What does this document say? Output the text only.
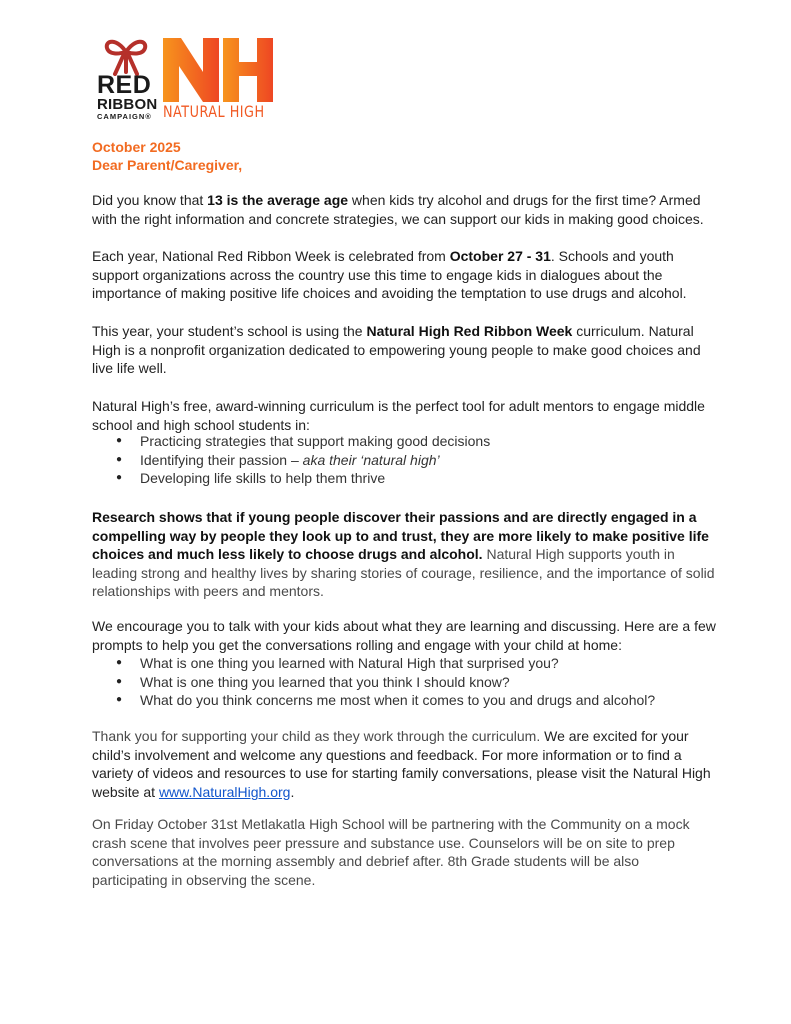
RED
RIBBON
CAMPAIGN® NATURAL HIGH
October 2025
Dear Parent/Caregiver,

Did you know that 13 is the average age when kids try alcohol and drugs for the first time? Armed with the right information and concrete strategies, we can support our kids in making good choices.

Each year, National Red Ribbon Week is celebrated from October 27 - 31. Schools and youth support organizations across the country use this time to engage kids in dialogues about the importance of making positive life choices and avoiding the temptation to use drugs and alcohol.

This year, your student’s school is using the Natural High Red Ribbon Week curriculum. Natural High is a nonprofit organization dedicated to empowering young people to make good choices and live life well.

Natural High’s free, award-winning curriculum is the perfect tool for adult mentors to engage middle school and high school students in:

● Practicing strategies that support making good decisions
● Identifying their passion – aka their ‘natural high’
● Developing life skills to help them thrive

Research shows that if young people discover their passions and are directly engaged in a compelling way by people they look up to and trust, they are more likely to make positive life choices and much less likely to choose drugs and alcohol. Natural High supports youth in leading strong and healthy lives by sharing stories of courage, resilience, and the importance of solid relationships with peers and mentors.

We encourage you to talk with your kids about what they are learning and discussing. Here are a few prompts to help you get the conversations rolling and engage with your child at home:

● What is one thing you learned with Natural High that surprised you?
● What is one thing you learned that you think I should know?
● What do you think concerns me most when it comes to you and drugs and alcohol?

Thank you for supporting your child as they work through the curriculum. We are excited for your child’s involvement and welcome any questions and feedback. For more information or to find a variety of videos and resources to use for starting family conversations, please visit the Natural High website at www.NaturalHigh.org.

On Friday October 31st Metlakatla High School will be partnering with the Community on a mock crash scene that involves peer pressure and substance use. Counselors will be on site to prep conversations at the morning assembly and debrief after. 8th Grade students will be also participating in observing the scene.
